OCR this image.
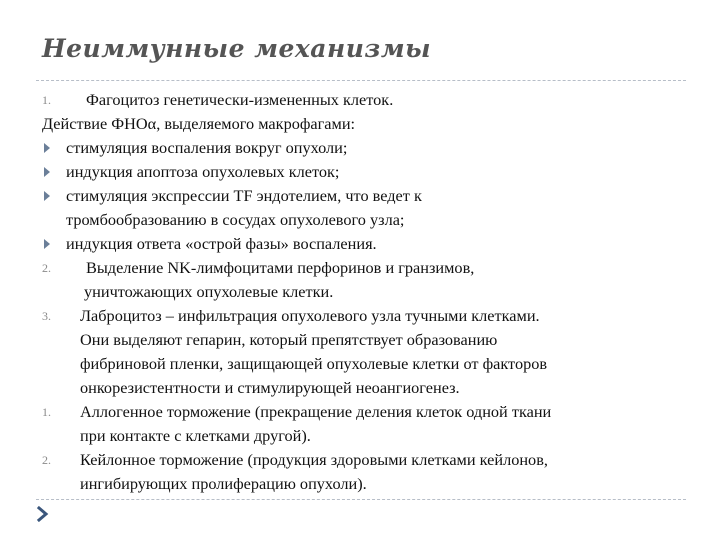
Неиммунные механизмы
1. Фагоцитоз генетически-измененных клеток.
Действие ФНОα, выделяемого макрофагами:
стимуляция воспаления вокруг опухоли;
индукция апоптоза опухолевых клеток;
стимуляция экспрессии TF эндотелием, что ведет к
тромбообразованию в сосудах опухолевого узла;
индукция ответа «острой фазы» воспаления.
2. Выделение NK-лимфоцитами перфоринов и гранзимов,
уничтожающих опухолевые клетки.
3. Лаброцитоз – инфильтрация опухолевого узла тучными клетками.
Они выделяют гепарин, который препятствует образованию
фибриновой пленки, защищающей опухолевые клетки от факторов
онкорезистентности и стимулирующей неоангиогенез.
1. Аллогенное торможение (прекращение деления клеток одной ткани
при контакте с клетками другой).
2. Кейлонное торможение (продукция здоровыми клетками кейлонов,
ингибирующих пролиферацию опухоли).
